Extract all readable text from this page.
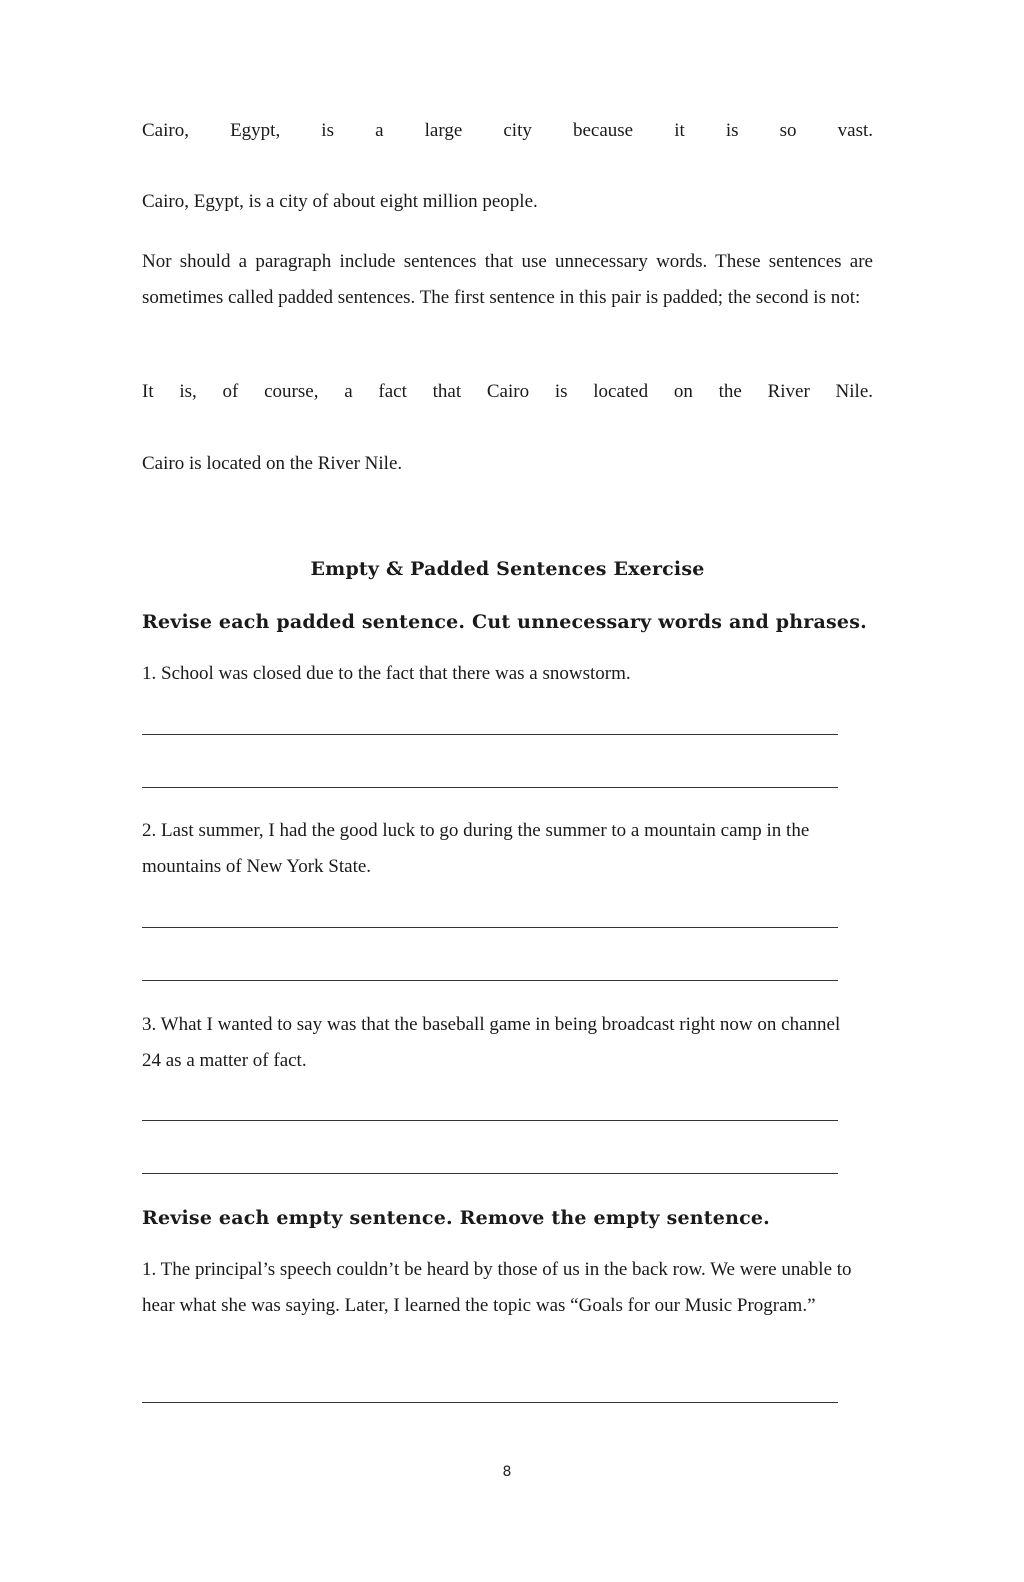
Cairo, Egypt, is a large city because it is so vast.

Cairo, Egypt, is a city of about eight million people.

Nor should a paragraph include sentences that use unnecessary words. These sentences are sometimes called padded sentences. The first sentence in this pair is padded; the second is not:

It is, of course, a fact that Cairo is located on the River Nile.

Cairo is located on the River Nile.

Empty & Padded Sentences Exercise

Revise each padded sentence. Cut unnecessary words and phrases.

1. School was closed due to the fact that there was a snowstorm.

2. Last summer, I had the good luck to go during the summer to a mountain camp in the mountains of New York State.

3. What I wanted to say was that the baseball game in being broadcast right now on channel 24 as a matter of fact.

Revise each empty sentence. Remove the empty sentence.

1. The principal’s speech couldn’t be heard by those of us in the back row. We were unable to hear what she was saying. Later, I learned the topic was “Goals for our Music Program.”

8
